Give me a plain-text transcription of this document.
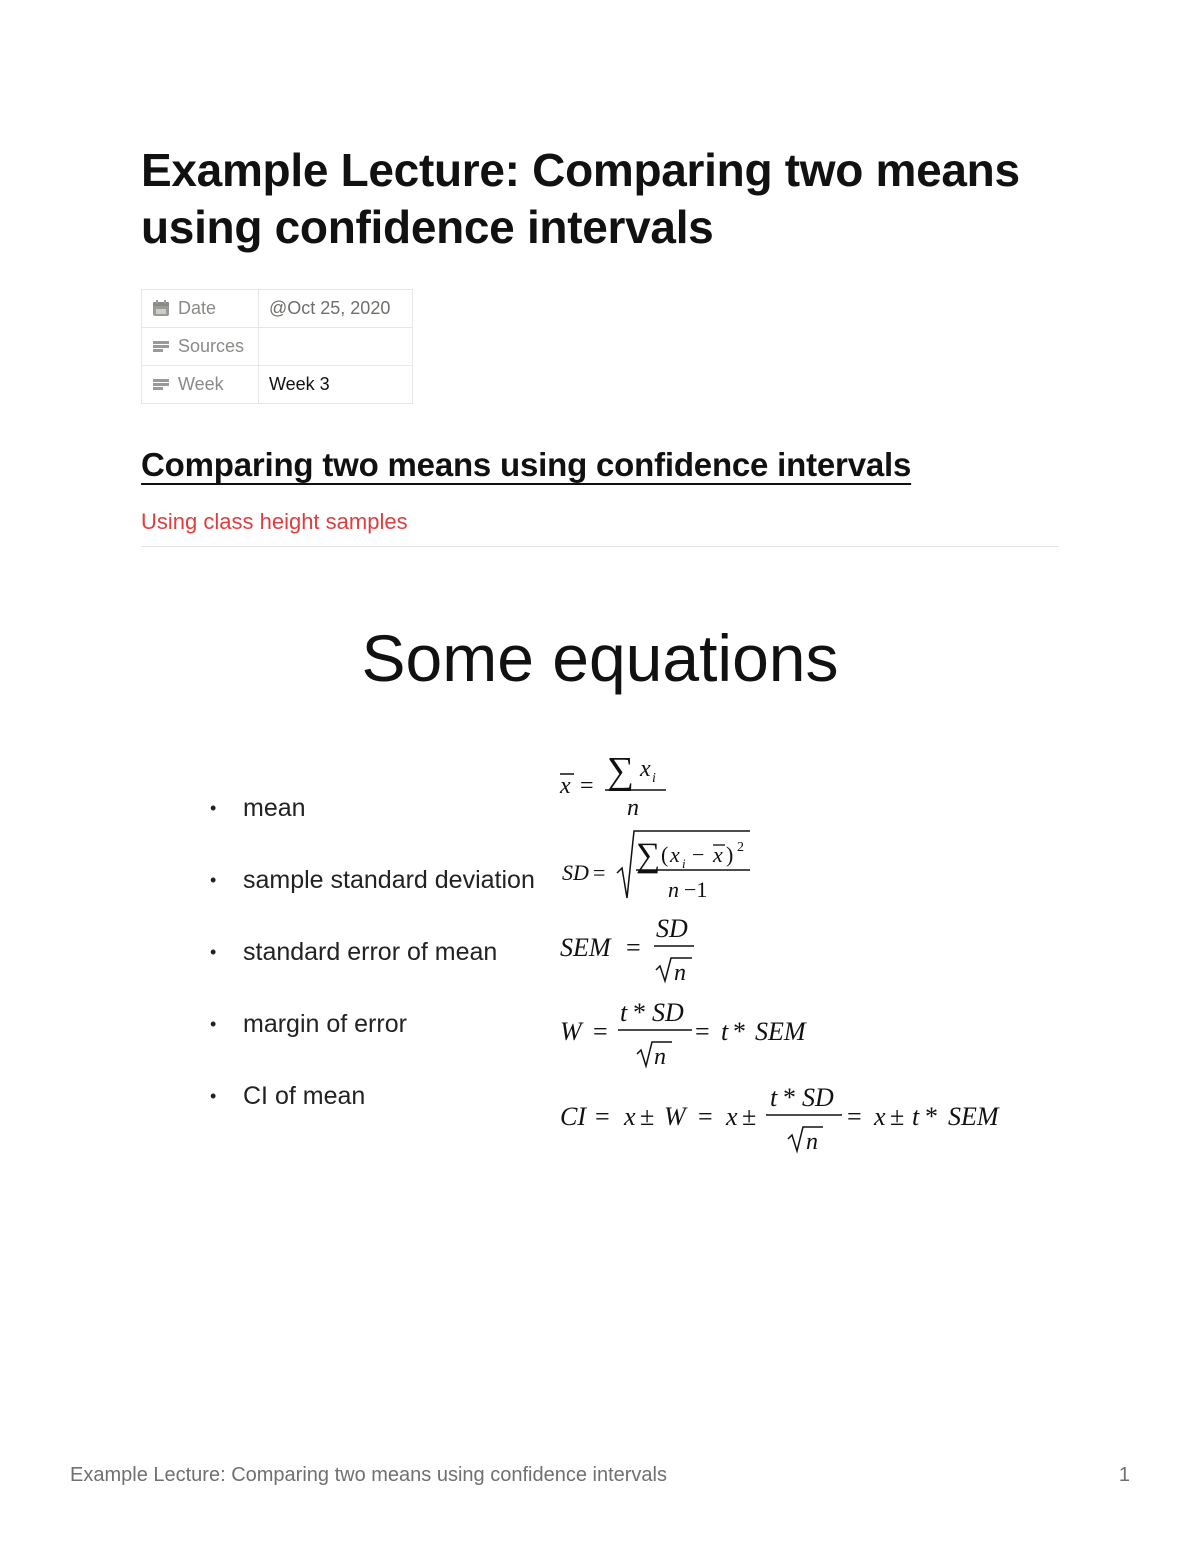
Example Lecture: Comparing two means using confidence intervals
Date	@Oct 25, 2020
Sources	
Week	Week 3
Comparing two means using confidence intervals
Using class height samples
Some equations
• mean
• sample standard deviation
• standard error of mean
• margin of error
• CI of mean
x = ∑ x i
n
SD = ∑ ( x i − x ) 2
n −1
SEM =
SD
n
W =
t * SD
n
= t * SEM
CI = x ± W = x ±
t * SD
n
= x ± t * SEM
Example Lecture: Comparing two means using confidence intervals	1
